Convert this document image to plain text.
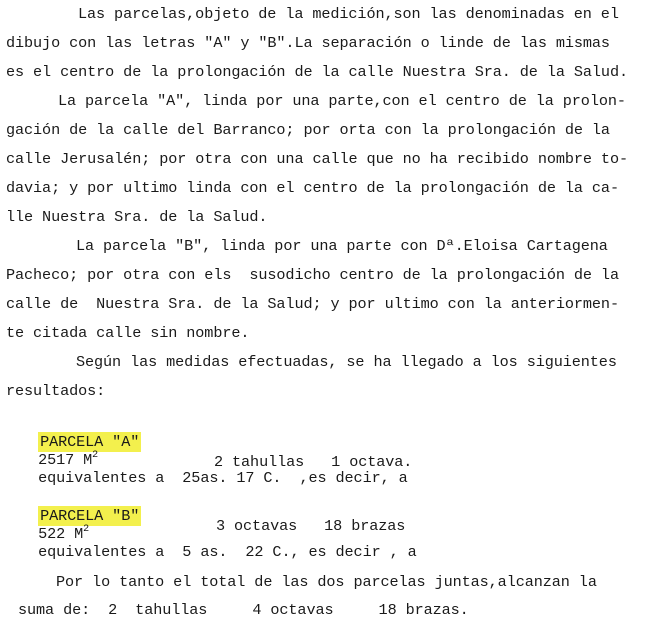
Las parcelas,objeto de la medición,son las denominadas en el
dibujo con las letras "A" y "B".La separación o linde de las mismas
es el centro de la prolongación de la calle Nuestra Sra. de la Salud.
La parcela "A", linda por una parte,con el centro de la prolon-
gación de la calle del Barranco; por orta con la prolongación de la
calle Jerusalén; por otra con una calle que no ha recibido nombre to-
davia; y por ultimo linda con el centro de la prolongación de la ca-
lle Nuestra Sra. de la Salud.
La parcela "B", linda por una parte con Dª.Eloisa Cartagena
Pacheco; por otra con els  susodicho centro de la prolongación de la
calle de  Nuestra Sra. de la Salud; y por ultimo con la anteriormen-
te citada calle sin nombre.
Según las medidas efectuadas, se ha llegado a los siguientes
resultados:

PARCELA "A"
2517 $M^2$
equivalentes a  25as. 17 C.  ,es decir, a

2 tahullas   1 octava.

PARCELA "B"
522 $M^2$
equivalentes a  5 as.  22 C., es decir , a

3 octavas   18 brazas
Por lo tanto el total de las dos parcelas juntas,alcanzan la
suma de:  2  tahullas     4 octavas     18 brazas.
